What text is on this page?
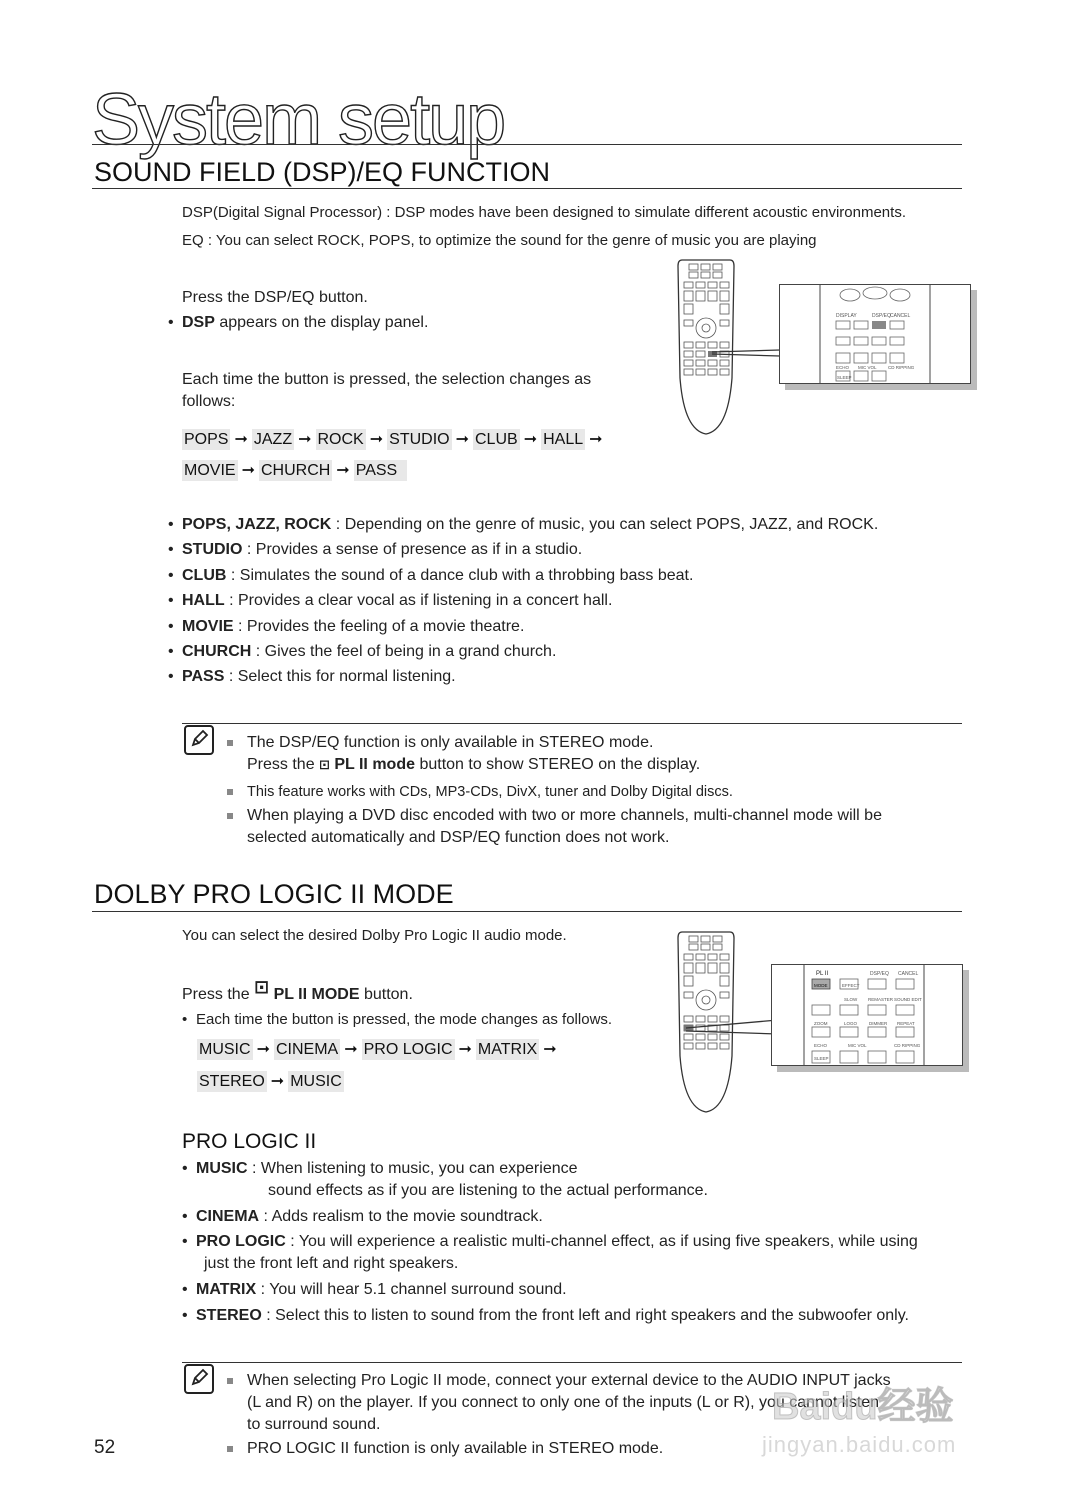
System setup
SOUND FIELD (DSP)/EQ FUNCTION
DSP(Digital Signal Processor) : DSP modes have been designed to simulate different acoustic environments.
EQ : You can select ROCK, POPS, to optimize the sound for the genre of music you are playing
Press the DSP/EQ button.
• DSP appears on the display panel.
Each time the button is pressed, the selection changes as follows:
POPS ➞ JAZZ ➞ ROCK ➞ STUDIO ➞ CLUB ➞ HALL ➞
MOVIE ➞ CHURCH ➞ PASS
DISPLAY	DSP/EQ CANCEL
ECHO MIC VOL	CD RIPPING
SLEEP
• POPS, JAZZ, ROCK : Depending on the genre of music, you can select POPS, JAZZ, and ROCK.
• STUDIO : Provides a sense of presence as if in a studio.
• CLUB : Simulates the sound of a dance club with a throbbing bass beat.
• HALL : Provides a clear vocal as if listening in a concert hall.
• MOVIE : Provides the feeling of a movie theatre.
• CHURCH : Gives the feel of being in a grand church.
• PASS : Select this for normal listening.
The DSP/EQ function is only available in STEREO mode.
Press the ⊡ PL II mode button to show STEREO on the display.
This feature works with CDs, MP3-CDs, DivX, tuner and Dolby Digital discs.
When playing a DVD disc encoded with two or more channels, multi-channel mode will be
selected automatically and DSP/EQ function does not work.
DOLBY PRO LOGIC II MODE
You can select the desired Dolby Pro Logic II audio mode.
Press the ⊡ PL II MODE button.
• Each time the button is pressed, the mode changes as follows.
MUSIC ➞ CINEMA ➞ PRO LOGIC ➞ MATRIX ➞
STEREO ➞ MUSIC
PL II	DSP/EQ CANCEL
MODE	EFFECT
SLOW REMASTER SOUND EDIT
ZOOM	LOGO	DIMMER REPEAT
ECHO	MIC VOL	CD RIPPING
SLEEP
PRO LOGIC II
• MUSIC : When listening to music, you can experience
sound effects as if you are listening to the actual performance.
• CINEMA : Adds realism to the movie soundtrack.
• PRO LOGIC : You will experience a realistic multi-channel effect, as if using five speakers, while using
just the front left and right speakers.
• MATRIX : You will hear 5.1 channel surround sound.
• STEREO : Select this to listen to sound from the front left and right speakers and the subwoofer only.
When selecting Pro Logic II mode, connect your external device to the AUDIO INPUT jacks
(L and R) on the player. If you connect to only one of the inputs (L or R), you cannot listen
to surround sound.
PRO LOGIC II function is only available in STEREO mode.
52
Baidu经验
jingyan.baidu.com
